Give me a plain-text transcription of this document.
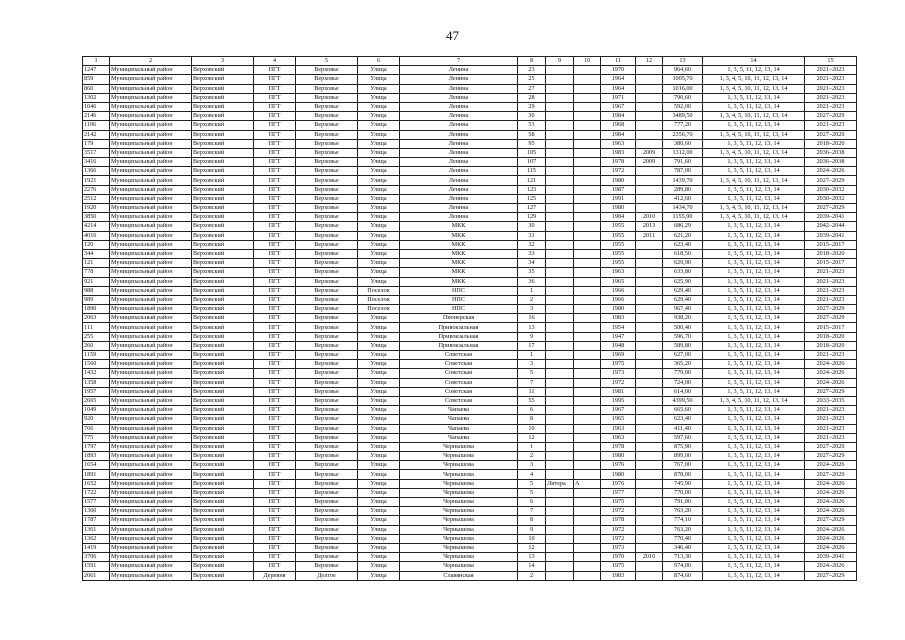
47
1	2	3	4	5	6	7	8	9	10	11	12	13	14	15
1247	Муниципальный район	Верховский	ПГТ	Верховье	Улица	Ленина	23			1970		964,60	1, 3, 5, 11, 12, 13, 14	2021–2023
859	Муниципальный район	Верховский	ПГТ	Верховье	Улица	Ленина	25			1964		1005,70	1, 3, 4, 5, 10, 11, 12, 13, 14	2021–2023
860	Муниципальный район	Верховский	ПГТ	Верховье	Улица	Ленина	27			1964		1016,00	1, 3, 4, 5, 10, 11, 12, 13, 14	2021–2023
1302	Муниципальный район	Верховский	ПГТ	Верховье	Улица	Ленина	28			1971		790,60	1, 3, 5, 11, 12, 13, 14	2021–2023
1046	Муниципальный район	Верховский	ПГТ	Верховье	Улица	Ленина	29			1967		592,00	1, 3, 5, 11, 12, 13, 14	2021–2023
2146	Муниципальный район	Верховский	ПГТ	Верховье	Улица	Ленина	30			1984		3489,50	1, 3, 4, 5, 10, 11, 12, 13, 14	2027–2029
1106	Муниципальный район	Верховский	ПГТ	Верховье	Улица	Ленина	53			1968		777,20	1, 3, 5, 11, 12, 13, 14	2021–2023
2142	Муниципальный район	Верховский	ПГТ	Верховье	Улица	Ленина	58			1984		2356,70	1, 3, 4, 5, 10, 11, 12, 13, 14	2027–2029
179	Муниципальный район	Верховский	ПГТ	Верховье	Улица	Ленина	95			1963		380,60	1, 3, 5, 11, 12, 13, 14	2018–2020
3517	Муниципальный район	Верховский	ПГТ	Верховье	Улица	Ленина	105			1983	2009	1312,00	1, 3, 4, 5, 10, 11, 12, 13, 14	2036–2038
3416	Муниципальный район	Верховский	ПГТ	Верховье	Улица	Ленина	107			1978	2009	791,60	1, 3, 5, 11, 12, 13, 14	2036–2038
1366	Муниципальный район	Верховский	ПГТ	Верховье	Улица	Ленина	115			1972		787,00	1, 3, 5, 11, 12, 13, 14	2024–2026
1921	Муниципальный район	Верховский	ПГТ	Верховье	Улица	Ленина	121			1980		1439,70	1, 3, 4, 5, 10, 11, 12, 13, 14	2027–2029
2276	Муниципальный район	Верховский	ПГТ	Верховье	Улица	Ленина	123			1987		289,80	1, 3, 5, 11, 12, 13, 14	2030–2032
2512	Муниципальный район	Верховский	ПГТ	Верховье	Улица	Ленина	125			1991		412,60	1, 3, 5, 11, 12, 13, 14	2030–2032
1920	Муниципальный район	Верховский	ПГТ	Верховье	Улица	Ленина	127			1980		1434,70	1, 3, 4, 5, 10, 11, 12, 13, 14	2027–2029
3850	Муниципальный район	Верховский	ПГТ	Верховье	Улица	Ленина	129			1984	2010	1155,90	1, 3, 4, 5, 10, 11, 12, 13, 14	2039–2041
4214	Муниципальный район	Верховский	ПГТ	Верховье	Улица	МКК	30			1955	2013	686,29	1, 3, 5, 11, 12, 13, 14	2042–2044
4016	Муниципальный район	Верховский	ПГТ	Верховье	Улица	МКК	31			1955	2011	621,20	1, 3, 5, 11, 12, 13, 14	2039–2041
120	Муниципальный район	Верховский	ПГТ	Верховье	Улица	МКК	32			1955		623,40	1, 3, 5, 11, 12, 13, 14	2015–2017
344	Муниципальный район	Верховский	ПГТ	Верховье	Улица	МКК	33			1955		618,50	1, 3, 5, 11, 12, 13, 14	2018–2020
121	Муниципальный район	Верховский	ПГТ	Верховье	Улица	МКК	34			1955		629,90	1, 3, 5, 11, 12, 13, 14	2015–2017
778	Муниципальный район	Верховский	ПГТ	Верховье	Улица	МКК	35			1963		633,80	1, 3, 5, 11, 12, 13, 14	2021–2023
921	Муниципальный район	Верховский	ПГТ	Верховье	Улица	МКК	36			1965		625,90	1, 3, 5, 11, 12, 13, 14	2021–2023
988	Муниципальный район	Верховский	ПГТ	Верховье	Поселок	НПС	1			1966		629,40	1, 3, 5, 11, 12, 13, 14	2021–2023
989	Муниципальный район	Верховский	ПГТ	Верховье	Поселок	НПС	2			1966		629,40	1, 3, 5, 11, 12, 13, 14	2021–2023
1890	Муниципальный район	Верховский	ПГТ	Верховье	Поселок	НПС	3			1980		967,40	1, 3, 5, 11, 12, 13, 14	2027–2029
2063	Муниципальный район	Верховский	ПГТ	Верховье	Улица	Пионерская	16			1983		938,20	1, 3, 5, 11, 12, 13, 14	2027–2029
111	Муниципальный район	Верховский	ПГТ	Верховье	Улица	Привокзальная	13			1954		500,40	1, 3, 5, 11, 12, 13, 14	2015–2017
255	Муниципальный район	Верховский	ПГТ	Верховье	Улица	Привокзальная	9			1947		596,70	1, 3, 5, 11, 12, 13, 14	2018–2020
260	Муниципальный район	Верховский	ПГТ	Верховье	Улица	Привокзальная	17			1948		589,80	1, 3, 5, 11, 12, 13, 14	2018–2020
1159	Муниципальный район	Верховский	ПГТ	Верховье	Улица	Советская	1			1969		627,00	1, 3, 5, 11, 12, 13, 14	2021–2023
1560	Муниципальный район	Верховский	ПГТ	Верховье	Улица	Советская	3			1975		365,20	1, 3, 5, 11, 12, 13, 14	2024–2026
1432	Муниципальный район	Верховский	ПГТ	Верховье	Улица	Советская	5			1973		779,00	1, 3, 5, 11, 12, 13, 14	2024–2026
1358	Муниципальный район	Верховский	ПГТ	Верховье	Улица	Советская	7			1972		724,00	1, 3, 5, 11, 12, 13, 14	2024–2026
1957	Муниципальный район	Верховский	ПГТ	Верховье	Улица	Советская	11			1981		614,00	1, 3, 5, 11, 12, 13, 14	2027–2029
2665	Муниципальный район	Верховский	ПГТ	Верховье	Улица	Советская	55			1995		4399,50	1, 3, 4, 5, 10, 11, 12, 13, 14	2033–2035
1049	Муниципальный район	Верховский	ПГТ	Верховье	Улица	Чапаева	6			1967		665,60	1, 3, 5, 11, 12, 13, 14	2021–2023
920	Муниципальный район	Верховский	ПГТ	Верховье	Улица	Чапаева	8			1965		623,40	1, 3, 5, 11, 12, 13, 14	2021–2023
766	Муниципальный район	Верховский	ПГТ	Верховье	Улица	Чапаева	10			1963		411,40	1, 3, 5, 11, 12, 13, 14	2021–2023
775	Муниципальный район	Верховский	ПГТ	Верховье	Улица	Чапаева	12			1963		597,60	1, 3, 5, 11, 12, 13, 14	2021–2023
1797	Муниципальный район	Верховский	ПГТ	Верховье	Улица	Чернышова	1			1978		875,90	1, 3, 5, 11, 12, 13, 14	2027–2029
1893	Муниципальный район	Верховский	ПГТ	Верховье	Улица	Чернышова	2			1980		899,00	1, 3, 5, 11, 12, 13, 14	2027–2029
1654	Муниципальный район	Верховский	ПГТ	Верховье	Улица	Чернышова	3			1976		767,00	1, 3, 5, 11, 12, 13, 14	2024–2026
1891	Муниципальный район	Верховский	ПГТ	Верховье	Улица	Чернышова	4			1980		878,00	1, 3, 5, 11, 12, 13, 14	2027–2029
1652	Муниципальный район	Верховский	ПГТ	Верховье	Улица	Чернышова	5	Литера	А	1976		745,90	1, 3, 5, 11, 12, 13, 14	2024–2026
1722	Муниципальный район	Верховский	ПГТ	Верховье	Улица	Чернышова	5			1977		770,00	1, 3, 5, 11, 12, 13, 14	2024–2026
1577	Муниципальный район	Верховский	ПГТ	Верховье	Улица	Чернышова	6			1975		791,00	1, 3, 5, 11, 12, 13, 14	2024–2026
1360	Муниципальный район	Верховский	ПГТ	Верховье	Улица	Чернышова	7			1972		763,20	1, 3, 5, 11, 12, 13, 14	2024–2026
1787	Муниципальный район	Верховский	ПГТ	Верховье	Улица	Чернышова	8			1978		774,10	1, 3, 5, 11, 12, 13, 14	2027–2029
1361	Муниципальный район	Верховский	ПГТ	Верховье	Улица	Чернышова	9			1972		763,20	1, 3, 5, 11, 12, 13, 14	2024–2026
1362	Муниципальный район	Верховский	ПГТ	Верховье	Улица	Чернышова	10			1972		770,40	1, 3, 5, 11, 12, 13, 14	2024–2026
1419	Муниципальный район	Верховский	ПГТ	Верховье	Улица	Чернышова	12			1973		346,40	1, 3, 5, 11, 12, 13, 14	2024–2026
3706	Муниципальный район	Верховский	ПГТ	Верховье	Улица	Чернышова	13			1970	2010	713,30	1, 3, 5, 11, 12, 13, 14	2039–2041
1591	Муниципальный район	Верховский	ПГТ	Верховье	Улица	Чернышова	14			1975		974,00	1, 3, 5, 11, 12, 13, 14	2024–2026
2061	Муниципальный район	Верховский	Деревня	Долгое	Улица	Славянская	2			1983		874,60	1, 3, 5, 11, 12, 13, 14	2027–2029
